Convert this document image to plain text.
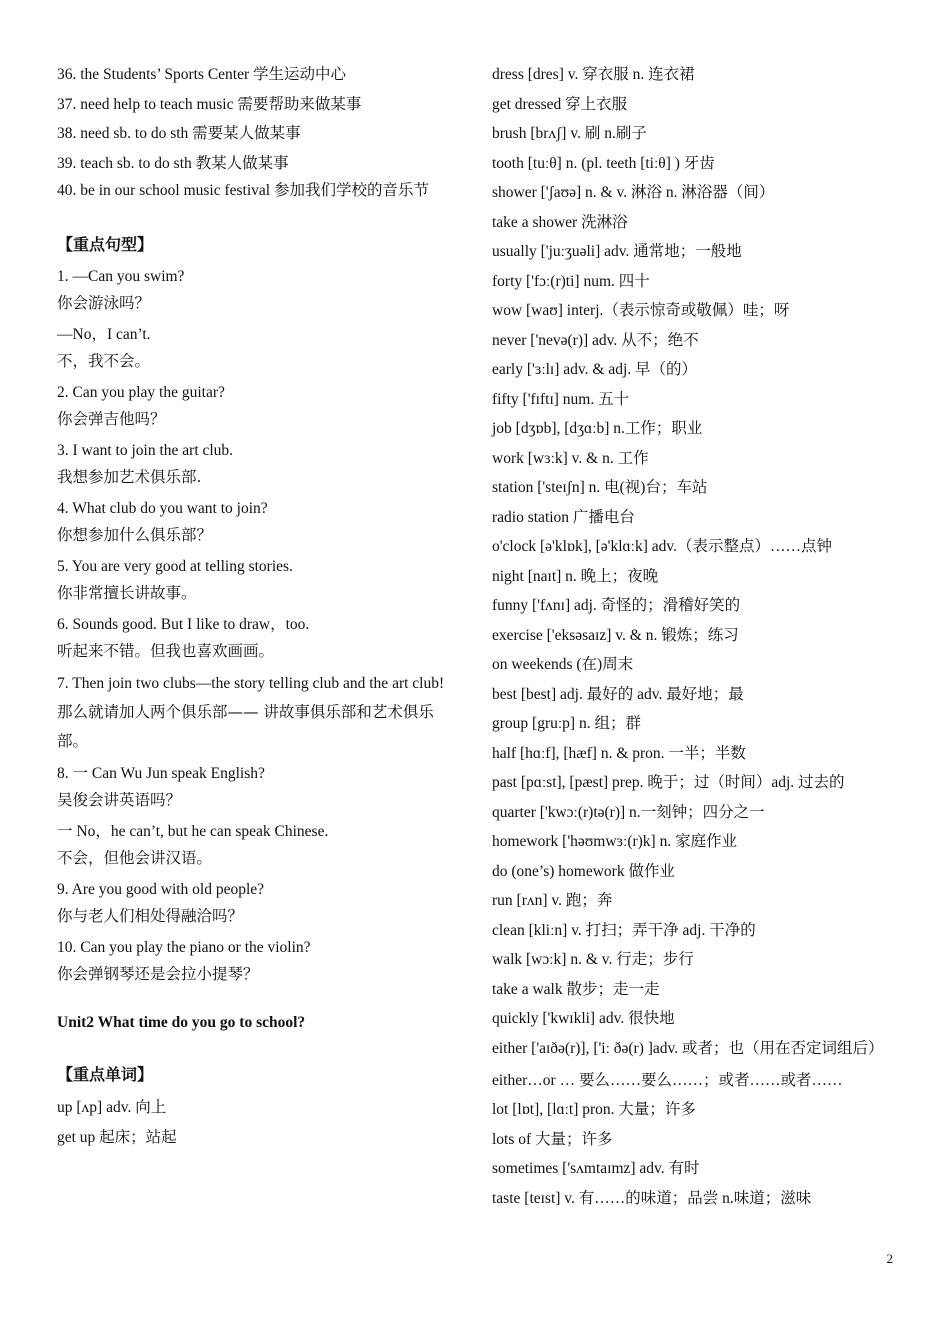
36. the Students’ Sports Center 学生运动中心
37. need help to teach music 需要帮助来做某事
38. need sb. to do sth 需要某人做某事
39. teach sb. to do sth 教某人做某事
40. be in our school music festival 参加我们学校的音乐节
【重点句型】
1. —Can you swim?
你会游泳吗？
—No，I can’t.
不，我不会。
2. Can you play the guitar?
你会弹吉他吗？
3. I want to join the art club.
我想参加艺术俱乐部.
4. What club do you want to join?
你想参加什么俱乐部？
5. You are very good at telling stories.
你非常擅长讲故事。
6. Sounds good. But I like to draw，too.
听起来不错。但我也喜欢画画。
7. Then join two clubs—the story telling club and the art club!
那么就请加人两个俱乐部—— 讲故事俱乐部和艺术俱乐部。
8. 一 Can Wu Jun speak English?
吴俊会讲英语吗？
一 No，he can’t, but he can speak Chinese.
不会，但他会讲汉语。
9. Are you good with old people?
你与老人们相处得融洽吗？
10. Can you play the piano or the violin?
你会弹钢琴还是会拉小提琴？
Unit2 What time do you go to school?
【重点单词】
up [ʌp] adv. 向上
get up 起床；站起
dress [dres] v. 穿衣服 n. 连衣裙
get dressed 穿上衣服
brush [brʌʃ] v. 刷 n.刷子
tooth [tuːθ] n. (pl. teeth [tiːθ] ) 牙齿
shower ['ʃaʊə] n. & v. 淋浴 n. 淋浴器（间）
take a shower 洗淋浴
usually ['juːʒuəli] adv. 通常地；一般地
forty ['fɔː(r)ti] num. 四十
wow [waʊ] interj.（表示惊奇或敬佩）哇；呀
never ['nevə(r)] adv. 从不；绝不
early ['ɜːlɪ] adv. & adj. 早（的）
fifty ['fɪftɪ] num. 五十
job [dʒɒb], [dʒɑːb] n.工作；职业
work [wɜːk] v. & n. 工作
station ['steɪʃn] n. 电(视)台；车站
radio station 广播电台
o'clock [ə'klɒk], [ə'klɑːk] adv.（表示整点）……点钟
night [naɪt] n. 晚上；夜晚
funny ['fʌnɪ] adj. 奇怪的；滑稽好笑的
exercise ['eksəsaɪz] v. & n. 锻炼；练习
on weekends (在)周末
best [best] adj. 最好的 adv. 最好地；最
group [gruːp] n. 组；群
half [hɑːf], [hæf] n. & pron. 一半；半数
past [pɑːst], [pæst] prep. 晚于；过（时间）adj. 过去的
quarter ['kwɔː(r)tə(r)] n.一刻钟；四分之一
homework ['həʊmwɜː(r)k] n. 家庭作业
do (one’s) homework 做作业
run [rʌn] v. 跑；奔
clean [kliːn] v. 打扫；弄干净 adj. 干净的
walk [wɔːk] n. & v. 行走；步行
take a walk 散步；走一走
quickly ['kwɪkli] adv. 很快地
either ['aɪðə(r)], ['iː ðə(r) ]adv. 或者；也（用在否定词组后）
either…or … 要么……要么……；或者……或者……
lot [lɒt], [lɑːt] pron. 大量；许多
lots of 大量；许多
sometimes ['sʌmtaɪmz] adv. 有时
taste [teɪst] v. 有……的味道；品尝 n.味道；滋味
2
